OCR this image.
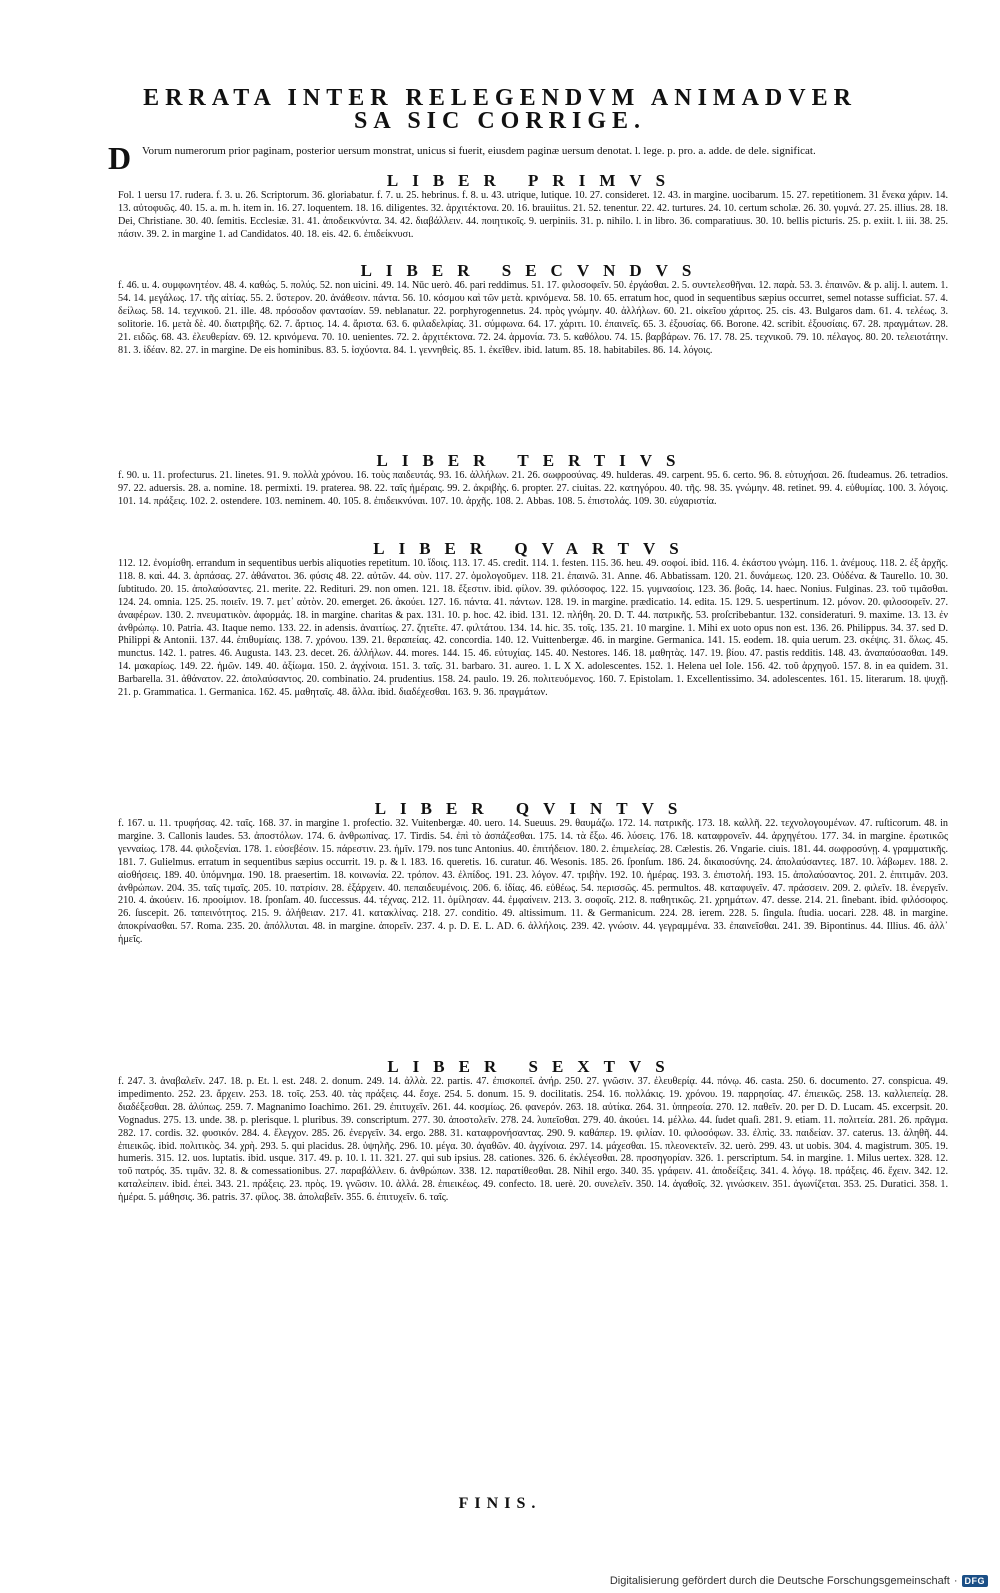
ERRATA INTER RELEGENDVM ANIMADVER
SA SIC CORRIGE.
D Vorum numerorum prior paginam, posterior uersum monstrat, unicus si fuerit, eiusdem paginæ uersum denotat. l. lege. p. pro. a. adde. de dele. significat.
LIBER PRIMVS
Fol. 1 uersu 17. rudera. f. 3. u. 26. Scriptorum. 36. gloriabatur. f. 7. u. 25. hebrinus. f. 8. u. 43. utrique, lutique. 10. 27. consideret. 12. 43. in margine. uocibarum. 15. 27. repetitionem. 31 ἕνεκα χάριν. 14. 13. αὐτοφυῶς. 40. 15. a. m. h. item in. 16. 27. loquentem. 18. 16. diligentes. 32. ἀρχιτέκτονα. 20. 16. brauiitus. 21. 52. tenentur. 22. 42. turtures. 24. 10. certum scholæ. 26. 30. γυμνά. 27. 25. illius. 28. 18. Dei, Christiane. 30. 40. ſemitis. Ecclesiæ. 31. 41. ἀποδεικνύντα. 34. 42. διαβάλλειν. 44. ποιητικοῖς. 9. uerpiniis. 31. p. nihilo. l. in libro. 36. comparatiuus. 30. 10. bellis picturis. 25. p. exiit. l. iii. 38. 25. πάσιν. 39. 2. in margine 1. ad Candidatos. 40. 18. eis. 42. 6. ἐπιδείκνυσι.
LIBER SECVNDVS
f. 46. u. 4. συμφωνητέον. 48. 4. καθώς. 5. πολύς. 52. non uicini. 49. 14. Nūc uerò. 46. pari reddimus. 51. 17. φιλοσοφεῖν. 50. ἐργάσθαι. 2. 5. συντελεσθῆναι. 12. παρὰ. 53. 3. ἐπαινῶν. & p. alij. l. autem. 1. 54. 14. μεγάλως. 17. τῆς αἰτίας. 55. 2. ὕστερον. 20. ἀνάθεσιν. πάντα. 56. 10. κόσμου καὶ τῶν μετὰ. κρινόμενα. 58. 10. 65. erratum hoc, quod in sequentibus sæpius occurret, semel notasse sufficiat. 57. 4. δείλως. 58. 14. τεχνικοῦ. 21. ille. 48. πρόσοδον φαντασίαν. 59. neblanatur. 22. porphyrogennetus. 24. πρὸς γνώμην. 40. ἀλλήλων. 60. 21. οἰκεῖου χάριτος. 25. cis. 43. Bulgaros dam. 61. 4. τελέως. 3. solitorie. 16. μετὰ δὲ. 40. διατριβῆς. 62. 7. ἄρτιος. 14. 4. ἄριστα. 63. 6. φιλαδελφίας. 31. σύμφωνα. 64. 17. χάριτι. 10. ἐπαινεῖς. 65. 3. ἐξουσίας. 66. Borone. 42. scribit. ἐξουσίαις. 67. 28. πραγμάτων. 28. 21. ειδῶς. 68. 43. ἐλευθερίαν. 69. 12. κρινόμενα. 70. 10. uenientes. 72. 2. ἀρχιτέκτονα. 72. 24. ἁρμονία. 73. 5. καθόλου. 74. 15. βαρβάρων. 76. 17. 78. 25. τεχνικοῦ. 79. 10. πέλαγος. 80. 20. τελειοτάτην. 81. 3. ἰδέαν. 82. 27. in margine. De eis hominibus. 83. 5. ἰσχύοντα. 84. 1. γεννηθεὶς. 85. 1. ἐκεῖθεν. ibid. latum. 85. 18. habitabiles. 86. 14. λόγοις.
LIBER TERTIVS
f. 90. u. 11. profecturus. 21. linetes. 91. 9. πολλὰ χρόνου. 16. τοὺς παιδευτάς. 93. 16. ἀλλήλων. 21. 26. σωφροσύνας. 49. hulderas. 49. carpent. 95. 6. certo. 96. 8. εὐτυχήσαι. 26. ſtudeamus. 26. tetradios. 97. 22. aduersis. 28. a. nomine. 18. permixti. 19. praterea. 98. 22. ταῖς ἡμέραις. 99. 2. ἀκριβὴς. 6. propter. 27. ciuitas. 22. κατηγόρου. 40. τῆς. 98. 35. γνώμην. 48. retinet. 99. 4. εὐθυμίας. 100. 3. λόγοις. 101. 14. πράξεις. 102. 2. ostendere. 103. neminem. 40. 105. 8. ἐπιδεικνύναι. 107. 10. ἀρχῆς. 108. 2. Abbas. 108. 5. ἐπιστολάς. 109. 30. εὐχαριστία.
LIBER QVARTVS
112. 12. ἐνομίσθη. errandum in sequentibus uerbis aliquoties repetitum. 10. ἴδοις. 113. 17. 45. credit. 114. 1. festen. 115. 36. heu. 49. σοφοί. ibid. 116. 4. ἐκάστου γνώμη. 116. 1. ἀνέμους. 118. 2. ἐξ ἀρχῆς. 118. 8. καὶ. 44. 3. ἁρπάσας. 27. ἀθάνατοι. 36. φύσις 48. 22. αὐτῶν. 44. σὺν. 117. 27. ὁμολογοῦμεν. 118. 21. ἐπαινῶ. 31. Anne. 46. Abbatissam. 120. 21. δυνάμεως. 120. 23. Οὐδένα. & Taurello. 10. 30. ſubtitudo. 20. 15. ἀπολαύσαντες. 21. merite. 22. Redituri. 29. non omen. 121. 18. ἔξεστιν. ibid. φίλον. 39. φιλόσοφος. 122. 15. γυμνασίοις. 123. 36. βοᾶς. 14. haec. Nonius. Fulginas. 23. τοῦ τιμᾶσθαι. 124. 24. omnia. 125. 25. ποιεῖν. 19. 7. μετ᾽ αὐτὸν. 20. emerget. 26. ἀκούει. 127. 16. πάντα. 41. πάντων. 128. 19. in margine. prædicatio. 14. edita. 15. 129. 5. uespertinum. 12. μόνον. 20. φιλοσοφεῖν. 27. ἀναφέρων. 130. 2. πνευματικὸν. ἀφορμάς. 18. in margine. charitas & pax. 131. 10. p. hoc. 42. ibid. 131. 12. πλήθη. 20. D. T. 44. πατρικῆς. 53. proſcribebantur. 132. consideraturi. 9. maxime. 13. 13. ἐν ἀνθρώπῳ. 10. Patria. 43. Itaque nemo. 133. 22. in adensis. ἀναιτίως. 27. ζητεῖτε. 47. φιλτάτου. 134. 14. hic. 35. τοῖς. 135. 21. 10 margine. 1. Mihi ex uoto opus non est. 136. 26. Philippus. 34. 37. sed D. Philippi & Antonii. 137. 44. ἐπιθυμίαις. 138. 7. χρόνου. 139. 21. θεραπείας. 42. concordia. 140. 12. Vuittenbergæ. 46. in margine. Germanica. 141. 15. eodem. 18. quia uerum. 23. σκέψις. 31. ὅλως. 45. munctus. 142. 1. patres. 46. Augusta. 143. 23. decet. 26. ἀλλήλων. 44. mores. 144. 15. 46. εὐτυχίας. 145. 40. Nestores. 146. 18. μαθητὰς. 147. 19. βίου. 47. pastis redditis. 148. 43. ἀναπαύσασθαι. 149. 14. μακαρίως. 149. 22. ἡμῶν. 149. 40. ἀξίωμα. 150. 2. ἀγχίνοια. 151. 3. ταῖς. 31. barbaro. 31. aureo. 1. L X X. adolescentes. 152. 1. Helena uel Iole. 156. 42. τοῦ ἀρχηγοῦ. 157. 8. in ea quidem. 31. Barbarella. 31. ἀθάνατον. 22. ἀπολαύσαντος. 20. combinatio. 24. prudentius. 158. 24. paulo. 19. 26. πολιτευόμενος. 160. 7. Epistolam. 1. Excellentissimo. 34. adolescentes. 161. 15. literarum. 18. ψυχῇ. 21. p. Grammatica. 1. Germanica. 162. 45. μαθηταῖς. 48. ἄλλα. ibid. διαδέχεσθαι. 163. 9. 36. πραγμάτων.
LIBER QVINTVS
f. 167. u. 11. τρυφήσας. 42. ταῖς. 168. 37. in margine 1. profectio. 32. Vuitenbergæ. 40. uero. 14. Sueuus. 29. θαυμάζω. 172. 14. πατρικῆς. 173. 18. καλλῆ. 22. τεχνολογουμένων. 47. ruſticorum. 48. in margine. 3. Callonis laudes. 53. ἀποστόλων. 174. 6. ἀνθρωπίνας. 17. Tirdis. 54. ἐπὶ τὸ ἀσπάζεσθαι. 175. 14. τὰ ἔξω. 46. λύσεις. 176. 18. καταφρονεῖν. 44. ἀρχηγέτου. 177. 34. in margine. ἐρωτικῶς γενναίως. 178. 44. φιλοξενίαι. 178. 1. εὐσεβέσιν. 15. πάρεστιν. 23. ἡμῖν. 179. nos tunc Antonius. 40. ἐπιτήδειον. 180. 2. ἐπιμελείας. 28. Cælestis. 26. Vngarie. ciuis. 181. 44. σωφροσύνῃ. 4. γραμματικῆς. 181. 7. Gulielmus. erratum in sequentibus sæpius occurrit. 19. p. & l. 183. 16. queretis. 16. curatur. 46. Wesonis. 185. 26. ſponſum. 186. 24. δικαιοσύνης. 24. ἀπολαύσαντες. 187. 10. λάβωμεν. 188. 2. αἰσθήσεις. 189. 40. ὑπόμνημα. 190. 18. praesertim. 18. κοινωνία. 22. τρόπον. 43. ἐλπίδος. 191. 23. λόγον. 47. τριβὴν. 192. 10. ἡμέρας. 193. 3. ἐπιστολή. 193. 15. ἀπολαύσαντος. 201. 2. ἐπιτιμᾶν. 203. ἀνθρώπων. 204. 35. ταῖς τιμαῖς. 205. 10. πατρίσιν. 28. ἐξάρχειν. 40. πεπαιδευμένοις. 206. 6. ἰδίας. 46. εὐθέως. 54. περισσῶς. 45. permultos. 48. καταφυγεῖν. 47. πράσσειν. 209. 2. φιλεῖν. 18. ἐνεργεῖν. 210. 4. ἀκούειν. 16. προοίμιον. 18. ſponſam. 40. ſuccessus. 44. τέχνας. 212. 11. ὁμίλησαν. 44. ἐμφαίνειν. 213. 3. σοφοῖς. 212. 8. παθητικῶς. 21. χρημάτων. 47. desse. 214. 21. ſinebant. ibid. φιλόσοφος. 26. ſuscepit. 26. ταπεινότητος. 215. 9. ἀλήθειαν. 217. 41. κατακλίνας. 218. 27. conditio. 49. altissimum. 11. & Germanicum. 224. 28. ierem. 228. 5. ſingula. ſtudia. uocari. 228. 48. in margine. ἀποκρίνασθαι. 57. Roma. 235. 20. ἀπόλλυται. 48. in margine. ἀπορεῖν. 237. 4. p. D. E. L. AD. 6. ἀλλήλοις. 239. 42. γνώσιν. 44. γεγραμμένα. 33. ἐπαινεῖσθαι. 241. 39. Bipontinus. 44. Illius. 46. ἀλλ᾽ ἡμεῖς.
LIBER SEXTVS
f. 247. 3. ἀναβαλεῖν. 247. 18. p. Et. l. est. 248. 2. donum. 249. 14. ἀλλὰ. 22. partis. 47. ἐπισκοπεῖ. ἀνήρ. 250. 27. γνῶσιν. 37. ἐλευθερίᾳ. 44. πόνῳ. 46. casta. 250. 6. documento. 27. conspicua. 49. impedimento. 252. 23. ἄρχειν. 253. 18. τοῖς. 253. 40. τὰς πράξεις. 44. ἔσχε. 254. 5. donum. 15. 9. docilitatis. 254. 16. πολλάκις. 19. χρόνου. 19. παρρησίας. 47. ἐπιεικῶς. 258. 13. καλλιεπείᾳ. 28. διαδέξεσθαι. 28. ἀλύπως. 259. 7. Magnanimo Ioachimo. 261. 29. ἐπιτυχεῖν. 261. 44. κοσμίως. 26. φανερόν. 263. 18. αὐτίκα. 264. 31. ὑπηρεσία. 270. 12. παθεῖν. 20. per D. D. Lucam. 45. excerpsit. 20. Vognadus. 275. 13. unde. 38. p. plerisque. l. pluribus. 39. conscriptum. 277. 30. ἀποστολεῖν. 278. 24. λυπεῖσθαι. 279. 40. ἀκούει. 14. μέλλω. 44. ſudet quaſi. 281. 9. etiam. 11. πολιτεία. 281. 26. πρᾶγμα. 282. 17. cordis. 32. φυσικόν. 284. 4. ἔλεγχον. 285. 26. ἐνεργεῖν. 34. ergo. 288. 31. καταφρονήσαντας. 290. 9. καθάπερ. 19. φιλίαν. 10. φιλοσόφων. 33. ἐλπὶς. 33. παιδείαν. 37. caterus. 13. ἀληθῆ. 44. ἐπιεικῶς. ibid. πολιτικὸς. 34. χρὴ. 293. 5. qui placidus. 28. ὑψηλῆς. 296. 10. μέγα. 30. ἀγαθῶν. 40. ἀγχίνοια. 297. 14. μάχεσθαι. 15. πλεονεκτεῖν. 32. uerò. 299. 43. ut uobis. 304. 4. magistrum. 305. 19. humeris. 315. 12. uos. luptatis. ibid. usque. 317. 49. p. 10. l. 11. 321. 27. qui sub ipsius. 28. cationes. 326. 6. ἐκλέγεσθαι. 28. προσηγορίαν. 326. 1. perscriptum. 54. in margine. 1. Milus uertex. 328. 12. τοῦ πατρός. 35. τιμᾶν. 32. 8. & comessationibus. 27. παραβάλλειν. 6. ἀνθρώπων. 338. 12. παρατίθεσθαι. 28. Nihil ergo. 340. 35. γράφειν. 41. ἀποδείξεις. 341. 4. λόγῳ. 18. πράξεις. 46. ἔχειν. 342. 12. καταλείπειν. ibid. ἐπεὶ. 343. 21. πράξεις. 23. πρὸς. 19. γνῶσιν. 10. ἀλλά. 28. ἐπιεικέως. 49. confecto. 18. uerè. 20. συνελεῖν. 350. 14. ἀγαθοῖς. 32. γινώσκειν. 351. ἀγωνίζεται. 353. 25. Duratici. 358. 1. ἡμέρα. 5. μάθησις. 36. patris. 37. φίλος. 38. ἀπολαβεῖν. 355. 6. ἐπιτυχεῖν. 6. ταῖς.
FINIS.
Digitalisierung gefördert durch die Deutsche Forschungsgemeinschaft · DFG
